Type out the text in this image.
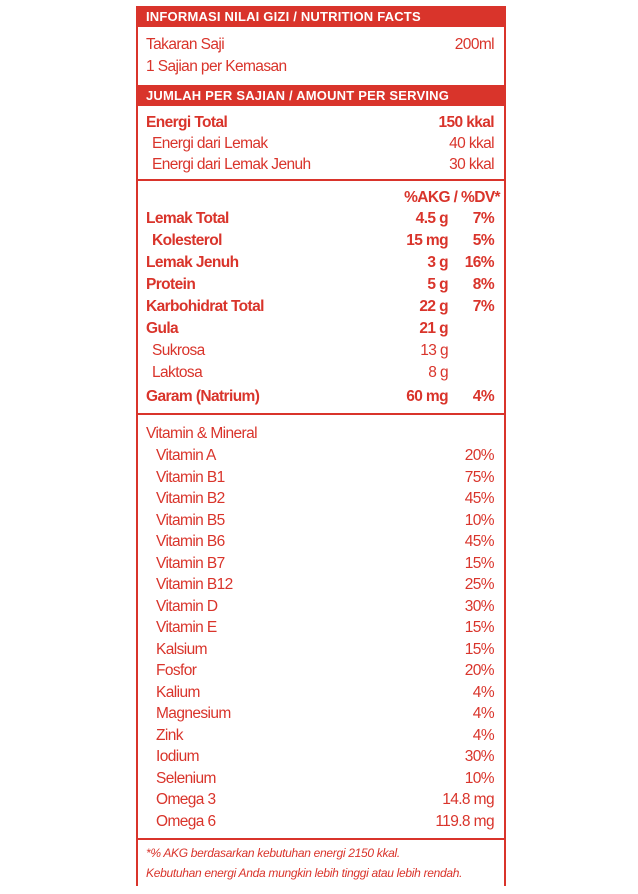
INFORMASI NILAI GIZI / NUTRITION FACTS
Takaran Saji	200ml
1 Sajian per Kemasan
JUMLAH PER SAJIAN / AMOUNT PER SERVING
Energi Total	150 kkal
Energi dari Lemak	40 kkal
Energi dari Lemak Jenuh	30 kkal
%AKG / %DV*
Lemak Total	4.5 g 7%
Kolesterol	15 mg 5%
Lemak Jenuh	3 g 16%
Protein	5 g 8%
Karbohidrat Total	22 g 7%
Gula	21 g
Sukrosa	13 g
Laktosa	8 g
Garam (Natrium)	60 mg 4%
Vitamin & Mineral
Vitamin A	20%
Vitamin B1	75%
Vitamin B2	45%
Vitamin B5	10%
Vitamin B6	45%
Vitamin B7	15%
Vitamin B12	25%
Vitamin D	30%
Vitamin E	15%
Kalsium	15%
Fosfor	20%
Kalium	4%
Magnesium	4%
Zink	4%
Iodium	30%
Selenium	10%
Omega 3	14.8 mg
Omega 6	119.8 mg
*% AKG berdasarkan kebutuhan energi 2150 kkal.
Kebutuhan energi Anda mungkin lebih tinggi atau lebih rendah.
